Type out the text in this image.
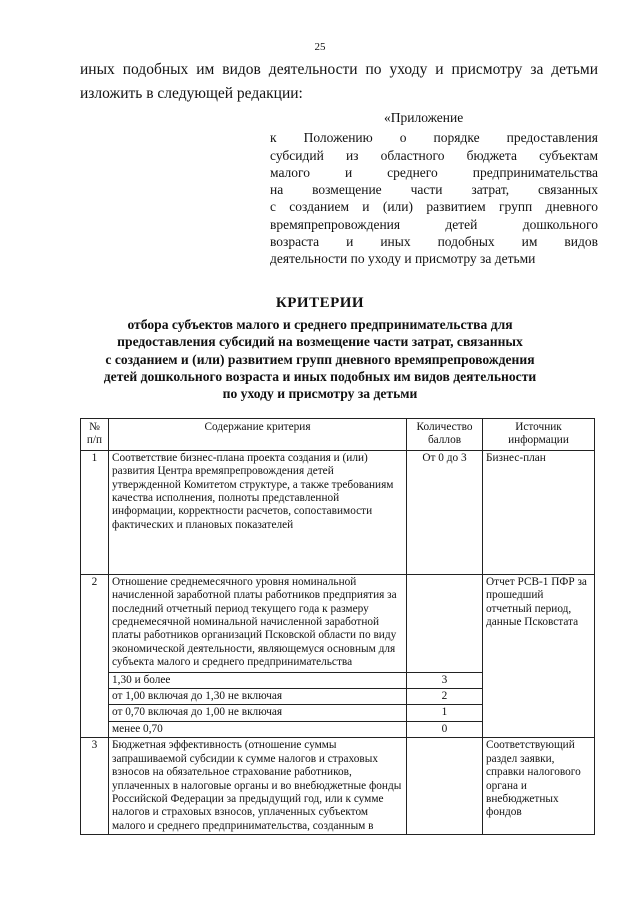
25
иных подобных им видов деятельности по уходу и присмотру за детьми
изложить в следующей редакции:
«Приложение
к Положению о порядке предоставления
субсидий из областного бюджета субъектам
малого и среднего предпринимательства
на возмещение части затрат, связанных
с созданием и (или) развитием групп дневного
времяпрепровождения детей дошкольного
возраста и иных подобных им видов
деятельности по уходу и присмотру за детьми
КРИТЕРИИ
отбора субъектов малого и среднего предпринимательства для
предоставления субсидий на возмещение части затрат, связанных
с созданием и (или) развитием групп дневного времяпрепровождения
детей дошкольного возраста и иных подобных им видов деятельности
по уходу и присмотру за детьми
№ п/п	Содержание критерия	Количество баллов	Источник информации
1	Соответствие бизнес-плана проекта создания и (или) развития Центра времяпрепровождения детей утвержденной Комитетом структуре, а также требованиям качества исполнения, полноты представленной информации, корректности расчетов, сопоставимости фактических и плановых показателей	От 0 до 3	Бизнес-план
2	Отношение среднемесячного уровня номинальной начисленной заработной платы работников предприятия за последний отчетный период текущего года к размеру среднемесячной номинальной начисленной заработной платы работников организаций Псковской области по виду экономической деятельности, являющемуся основным для субъекта малого и среднего предпринимательства		Отчет РСВ-1 ПФР за прошедший отчетный период, данные Псковстата
	1,30 и более	3	
	от 1,00 включая до 1,30 не включая	2	
	от 0,70 включая до 1,00 не включая	1	
	менее 0,70	0	
3	Бюджетная эффективность (отношение суммы запрашиваемой субсидии к сумме налогов и страховых взносов на обязательное страхование работников, уплаченных в налоговые органы и во внебюджетные фонды Российской Федерации за предыдущий год, или к сумме налогов и страховых взносов, уплаченных субъектом малого и среднего предпринимательства, созданным в		Соответствующий раздел заявки, справки налогового органа и внебюджетных фондов
